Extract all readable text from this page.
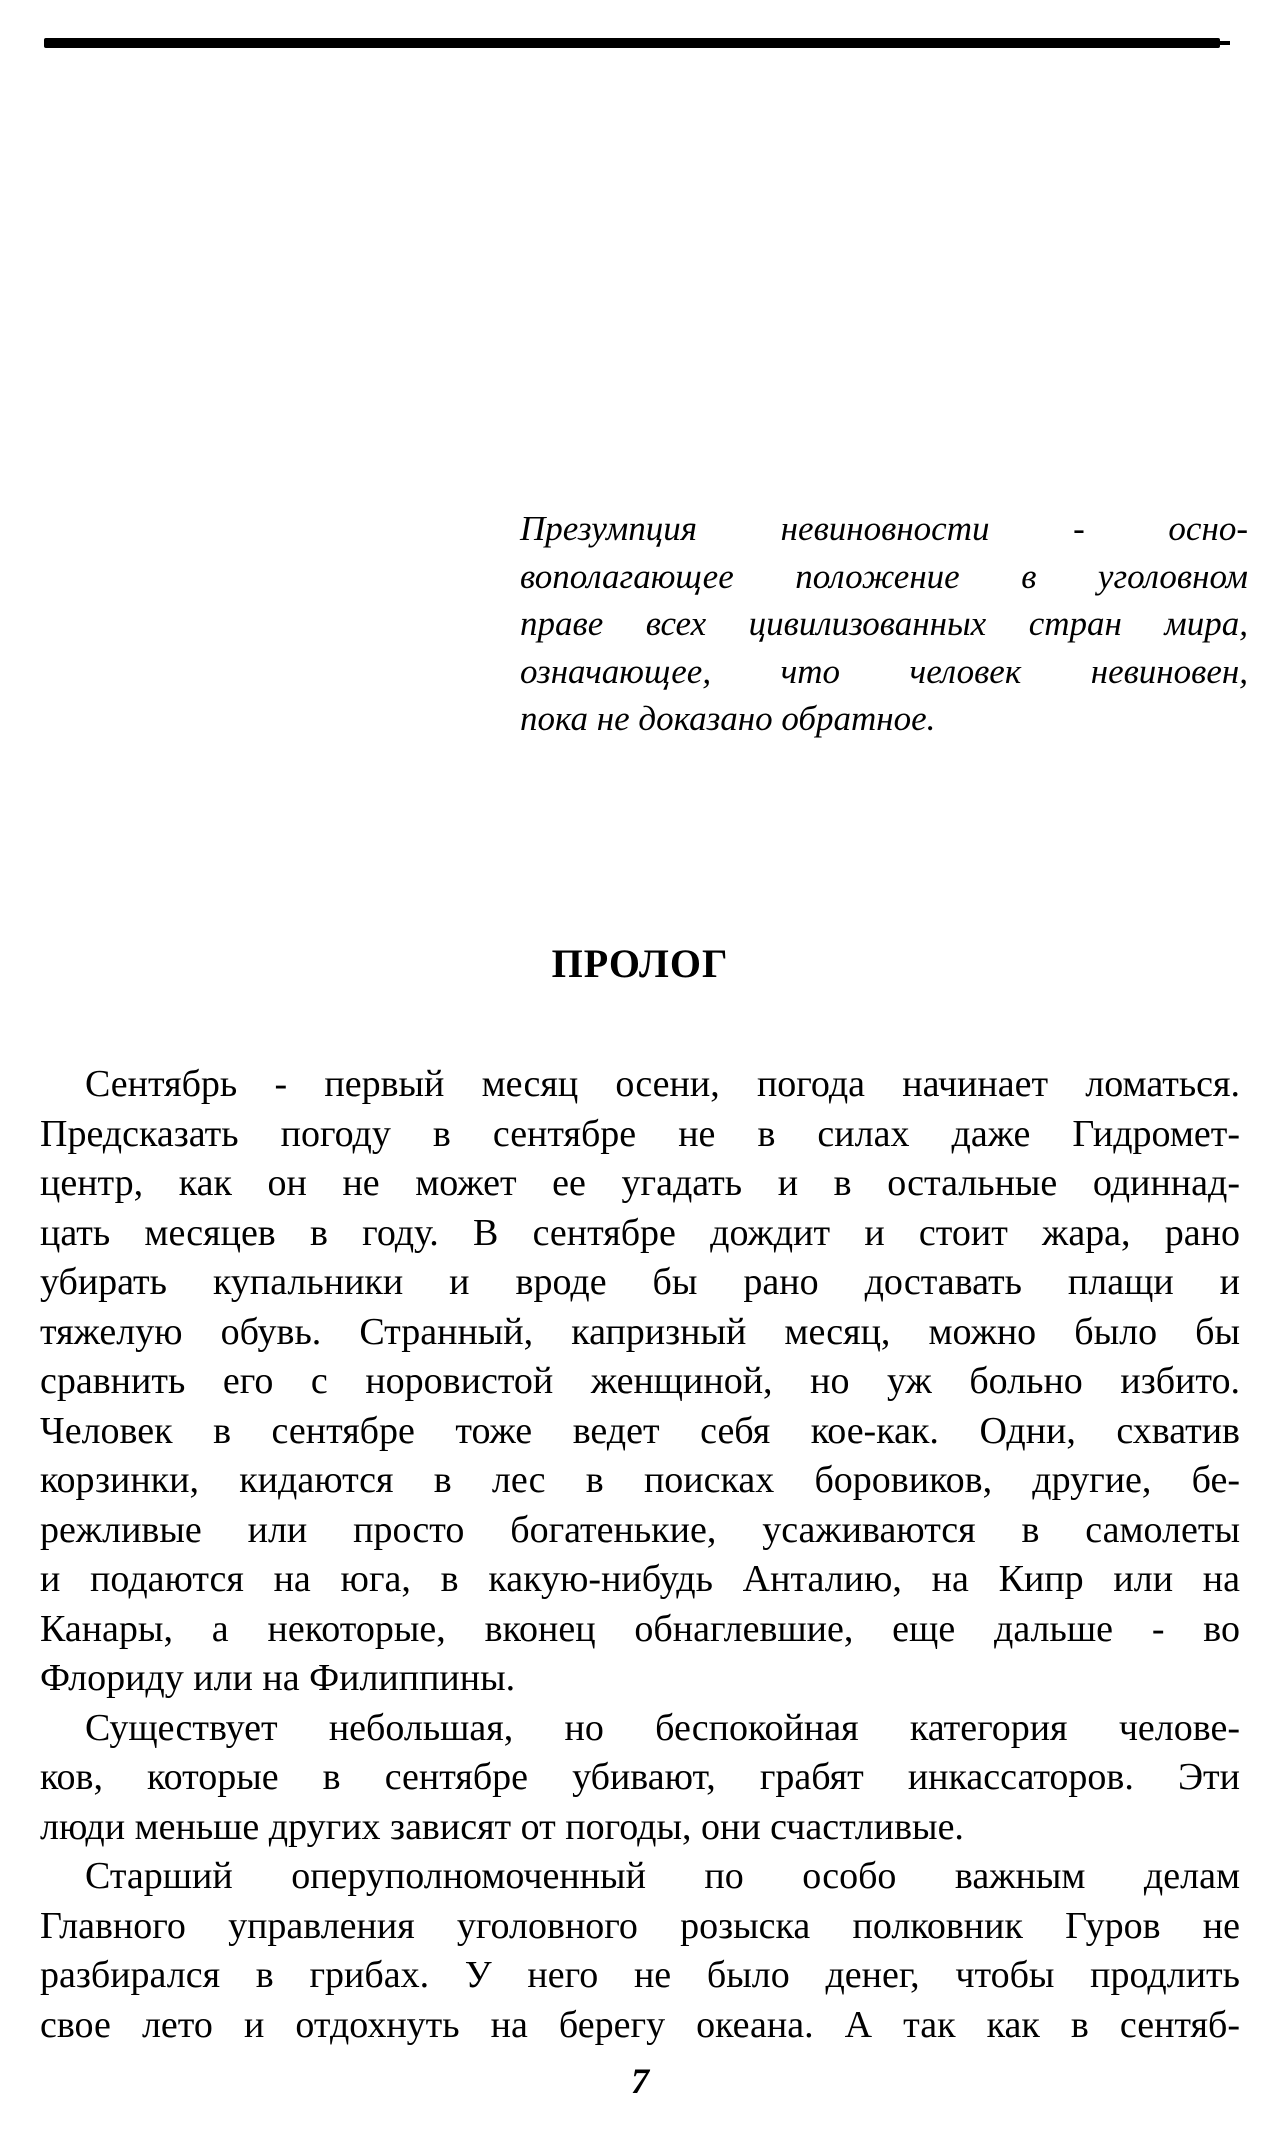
Презумпция невиновности - осно-
вополагающее положение в уголовном
праве всех цивилизованных стран мира,
означающее, что человек невиновен,
пока не доказано обратное.
ПРОЛОГ
Сентябрь - первый месяц осени, погода начинает ломаться.
Предсказать погоду в сентябре не в силах даже Гидромет-
центр, как он не может ее угадать и в остальные одиннад-
цать месяцев в году. В сентябре дождит и стоит жара, рано
убирать купальники и вроде бы рано доставать плащи и
тяжелую обувь. Странный, капризный месяц, можно было бы
сравнить его с норовистой женщиной, но уж больно избито.
Человек в сентябре тоже ведет себя кое-как. Одни, схватив
корзинки, кидаются в лес в поисках боровиков, другие, бе-
режливые или просто богатенькие, усаживаются в самолеты
и подаются на юга, в какую-нибудь Анталию, на Кипр или на
Канары, а некоторые, вконец обнаглевшие, еще дальше - во
Флориду или на Филиппины.
Существует небольшая, но беспокойная категория челове-
ков, которые в сентябре убивают, грабят инкассаторов. Эти
люди меньше других зависят от погоды, они счастливые.
Старший оперуполномоченный по особо важным делам
Главного управления уголовного розыска полковник Гуров не
разбирался в грибах. У него не было денег, чтобы продлить
свое лето и отдохнуть на берегу океана. А так как в сентяб-
7
